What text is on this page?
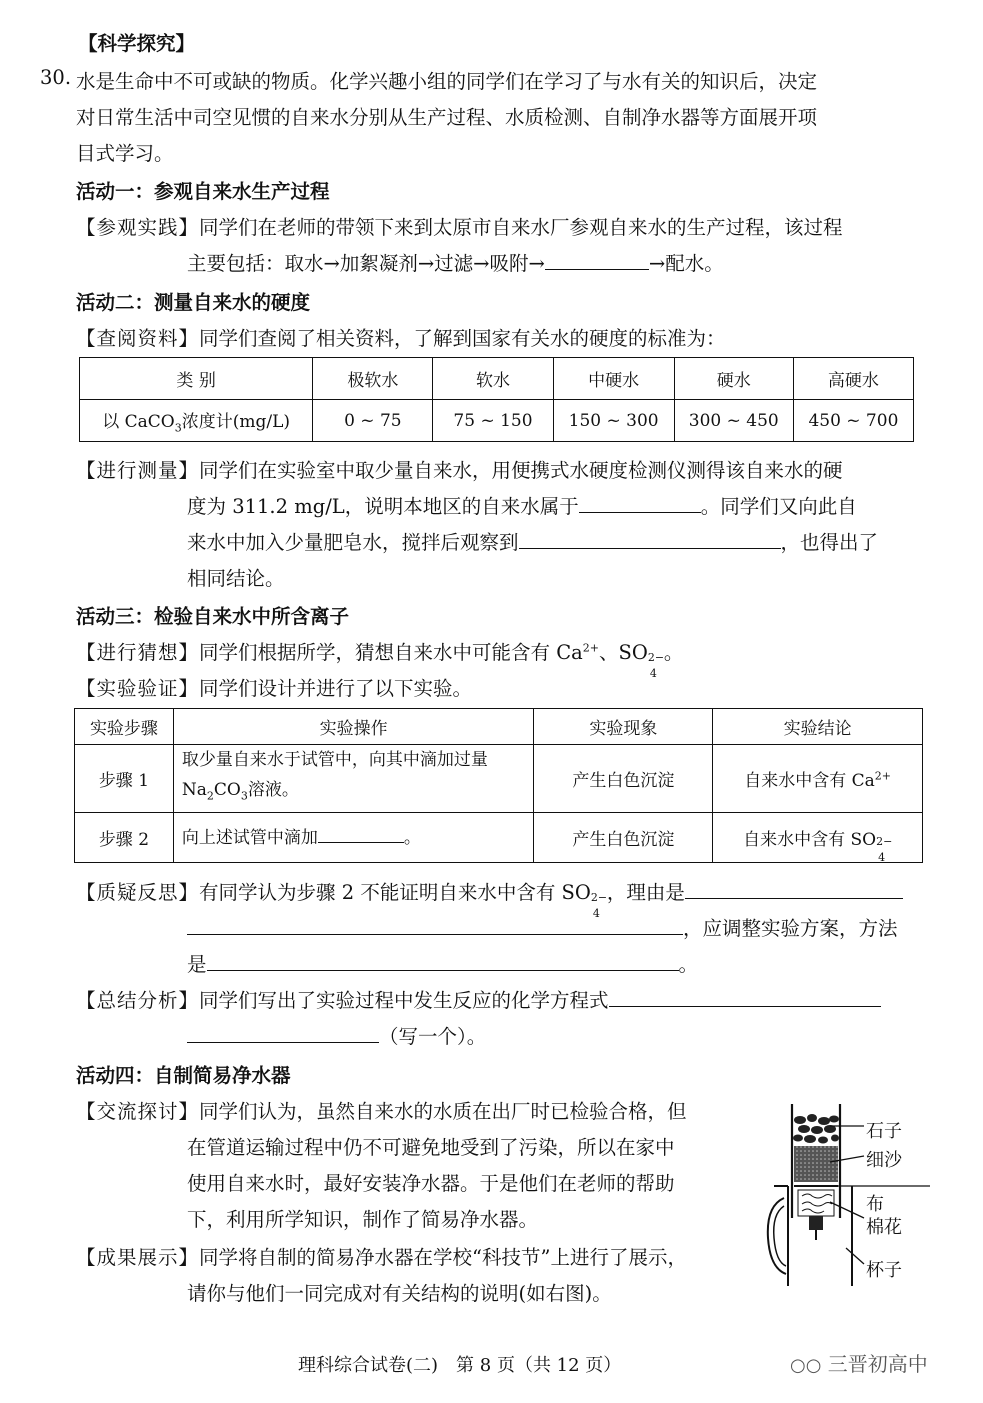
【科学探究】
30. 水是生命中不可或缺的物质。化学兴趣小组的同学们在学习了与水有关的知识后，决定
对日常生活中司空见惯的自来水分别从生产过程、水质检测、自制净水器等方面展开项
目式学习。
活动一：参观自来水生产过程
【参观实践】同学们在老师的带领下来到太原市自来水厂参观自来水的生产过程，该过程
主要包括：取水→加絮凝剂→过滤→吸附→	→配水。
活动二：测量自来水的硬度
【查阅资料】同学们查阅了相关资料，了解到国家有关水的硬度的标准为：
类 别	极软水	软水	中硬水	硬水	高硬水
以 CaCO$_3$浓度计(mg/L)	0 ~ 75	75 ~ 150	150 ~ 300	300 ~ 450	450 ~ 700
【进行测量】同学们在实验室中取少量自来水，用便携式水硬度检测仪测得该自来水的硬
度为 311.2 mg/L，说明本地区的自来水属于	。同学们又向此自
来水中加入少量肥皂水，搅拌后观察到	，也得出了
相同结论。
活动三：检验自来水中所含离子
【进行猜想】同学们根据所学，猜想自来水中可能含有 $Ca^{2+}$、SO 2−
4
。
【实验验证】同学们设计并进行了以下实验。
实验步骤	实验操作	实验现象	实验结论
步骤 1	取少量自来水于试管中，向其中滴加过量
$Na_2CO_3$溶液。	产生白色沉淀	自来水中含有 $Ca^{2+}$
步骤 2	向上述试管中滴加 。	产生白色沉淀	自来水中含有 SO 2−
4
【质疑反思】有同学认为步骤 2 不能证明自来水中含有 SO 2−
4
，理由是
，应调整实验方案，方法
是	。
【总结分析】同学们写出了实验过程中发生反应的化学方程式
（写一个）。
活动四：自制简易净水器
【交流探讨】同学们认为，虽然自来水的水质在出厂时已检验合格，但
在管道运输过程中仍不可避免地受到了污染，所以在家中
使用自来水时，最好安装净水器。于是他们在老师的帮助
下，利用所学知识，制作了简易净水器。
【成果展示】同学将自制的简易净水器在学校“科技节”上进行了展示，
请你与他们一同完成对有关结构的说明(如右图)。
石子
细沙
布
棉花
杯子
理科综合试卷(二)　第 8 页（共 12 页）	○○ 三晋初高中
